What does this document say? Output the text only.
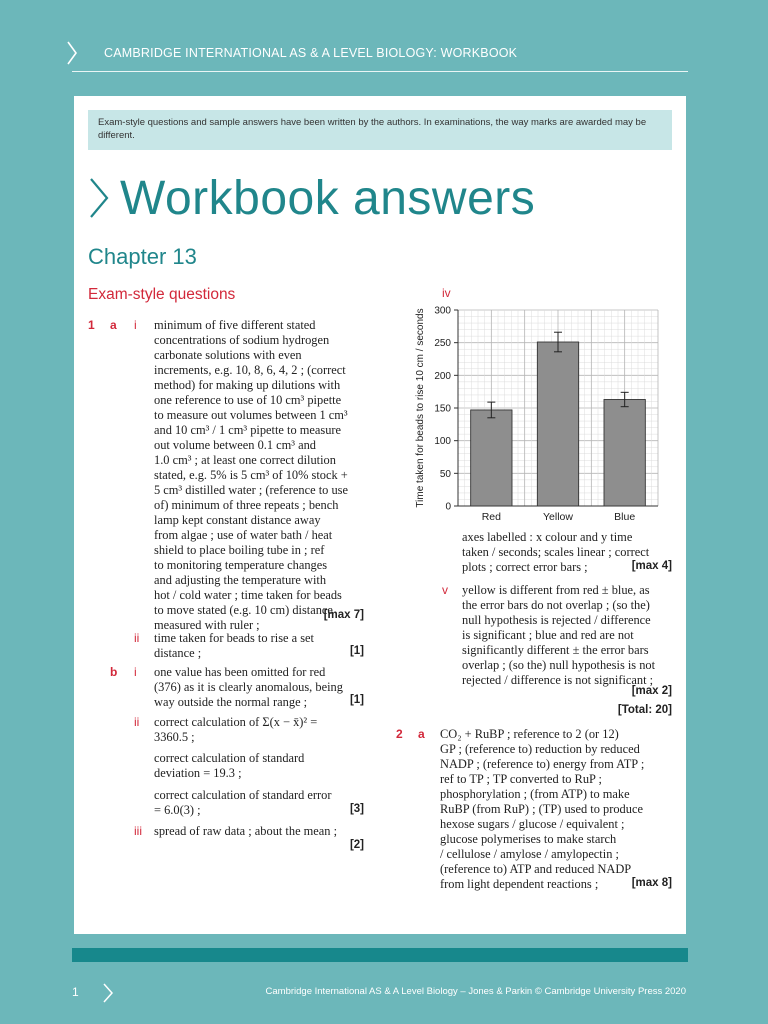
CAMBRIDGE INTERNATIONAL AS & A LEVEL BIOLOGY: WORKBOOK
Exam-style questions and sample answers have been written by the authors. In examinations, the way marks are awarded may be different.
Workbook answers
Chapter 13
Exam-style questions
1 a i minimum of five different stated
concentrations of sodium hydrogen
carbonate solutions with even
increments, e.g. 10, 8, 6, 4, 2 ; (correct
method) for making up dilutions with
one reference to use of 10 cm³ pipette
to measure out volumes between 1 cm³
and 10 cm³ / 1 cm³ pipette to measure
out volume between 0.1 cm³ and
1.0 cm³ ; at least one correct dilution
stated, e.g. 5% is 5 cm³ of 10% stock +
5 cm³ distilled water ; (reference to use
of) minimum of three repeats ; bench
lamp kept constant distance away
from algae ; use of water bath / heat
shield to place boiling tube in ; ref
to monitoring temperature changes
and adjusting the temperature with
hot / cold water ; time taken for beads
to move stated (e.g. 10 cm) distance
measured with ruler ;
[max 7]
ii time taken for beads to rise a set
distance ;	[1]
b i one value has been omitted for red
(376) as it is clearly anomalous, being
way outside the normal range ;	[1]
ii correct calculation of Σ(x − x̄)² =
3360.5 ;
correct calculation of standard
deviation = 19.3 ;
correct calculation of standard error
= 6.0(3) ;	[3]
iii spread of raw data ; about the mean ;
[2]
iv
0
50
100
150
200
250
300
Time taken for beads to rise 10 cm / seconds
Red	Yellow	Blue
axes labelled : x colour and y time
taken / seconds; scales linear ; correct
plots ; correct error bars ;	[max 4]
v yellow is different from red ± blue, as
the error bars do not overlap ; (so the)
null hypothesis is rejected / difference
is significant ; blue and red are not
significantly different ± the error bars
overlap ; (so the) null hypothesis is not
rejected / difference is not significant ;
[max 2]
[Total: 20]
2 a CO₂ + RuBP ; reference to 2 (or 12)
GP ; (reference to) reduction by reduced
NADP ; (reference to) energy from ATP ;
ref to TP ; TP converted to RuP ;
phosphorylation ; (from ATP) to make
RuBP (from RuP) ; (TP) used to produce
hexose sugars / glucose / equivalent ;
glucose polymerises to make starch
/ cellulose / amylose / amylopectin ;
(reference to) ATP and reduced NADP
from light dependent reactions ;	[max 8]
1	Cambridge International AS & A Level Biology – Jones & Parkin © Cambridge University Press 2020
